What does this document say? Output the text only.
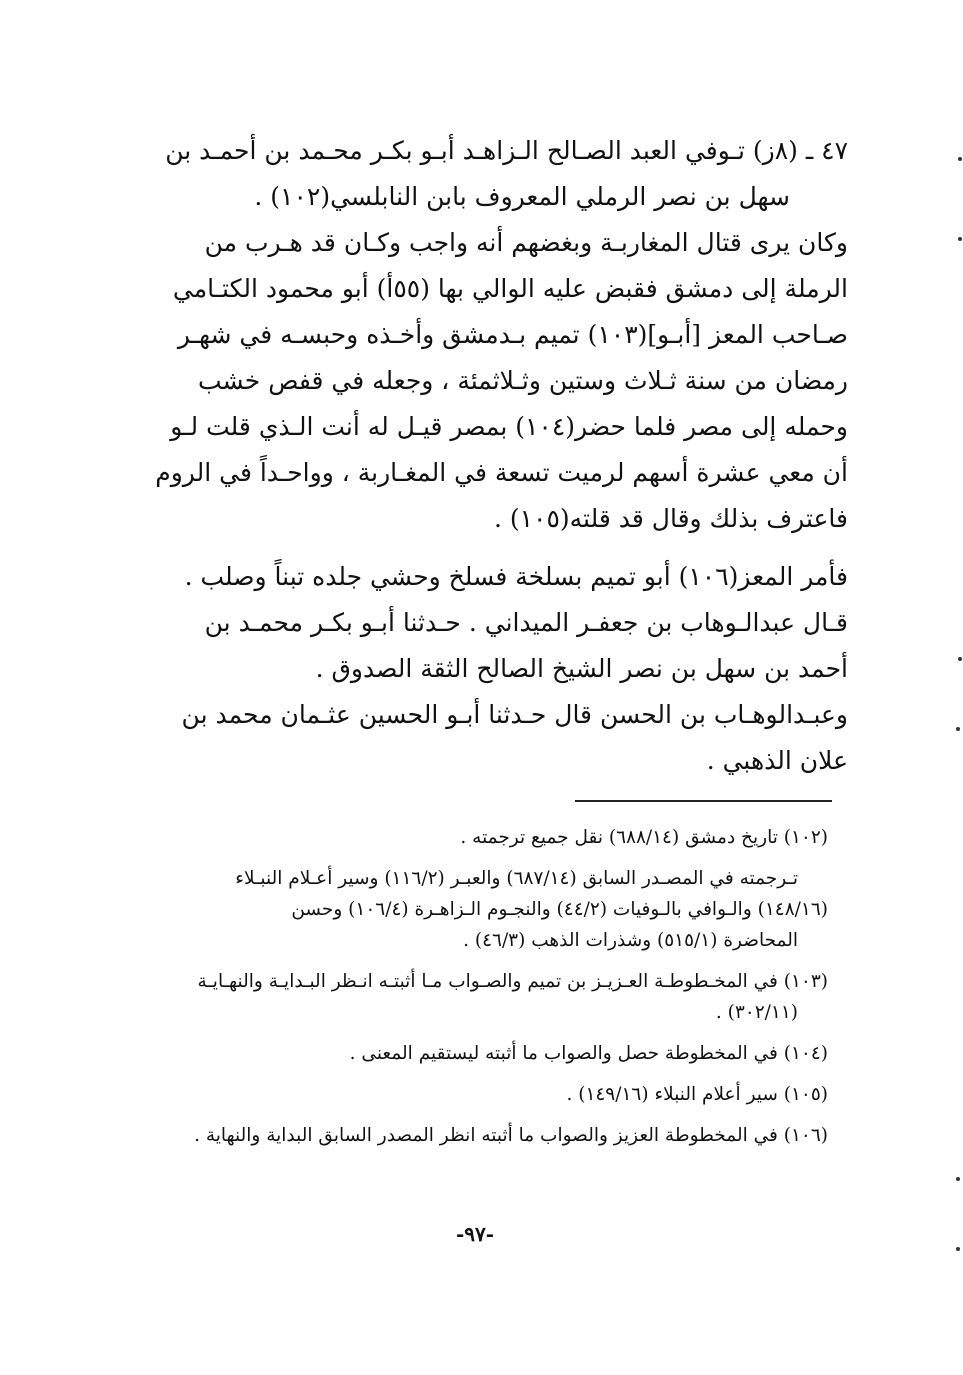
٤٧ ـ (٨ز) تـوفي العبد الصـالح الـزاهـد أبـو بكـر محـمد بن أحمـد بن

سهل بن نصر الرملي المعروف بابن النابلسي(١٠٢) .

وكان يرى قتال المغاربـة وبغضهم أنه واجب وكـان قد هـرب من

الرملة إلى دمشق فقبض عليه الوالي بها (٥٥أ) أبو محمود الكتـامي

صـاحب المعز [أبـو](١٠٣) تميم بـدمشق وأخـذه وحبسـه في شهـر

رمضان من سنة ثـلاث وستين وثـلاثمئة ، وجعله في قفص خشب

وحمله إلى مصر فلما حضر(١٠٤) بمصر قيـل له أنت الـذي قلت لـو

أن معي عشرة أسهم لرميت تسعة في المغـاربة ، وواحـداً في الروم

فاعترف بذلك وقال قد قلته(١٠٥) .

فأمر المعز(١٠٦) أبو تميم بسلخة فسلخ وحشي جلده تبناً وصلب .

قـال عبدالـوهاب بن جعفـر الميداني . حـدثنا أبـو بكـر محمـد بن

أحمد بن سهل بن نصر الشيخ الصالح الثقة الصدوق .

وعبـدالوهـاب بن الحسن قال حـدثنا أبـو الحسين عثـمان محمد بن

علان الذهبي .

(١٠٢) تاريخ دمشق (٦٨٨/١٤) نقل جميع ترجمته .

تـرجمته في المصـدر السابق (٦٨٧/١٤) والعبـر (١١٦/٢) وسير أعـلام النبـلاء
(١٤٨/١٦) والـوافي بالـوفيات (٤٤/٢) والنجـوم الـزاهـرة (١٠٦/٤) وحسن
المحاضرة (٥١٥/١) وشذرات الذهب (٤٦/٣) .

(١٠٣) في المخـطوطـة العـزيـز بن تميم والصـواب مـا أثبتـه انـظر البـدايـة والنهـايـة
(٣٠٢/١١) .

(١٠٤) في المخطوطة حصل والصواب ما أثبته ليستقيم المعنى .

(١٠٥) سير أعلام النبلاء (١٤٩/١٦) .

(١٠٦) في المخطوطة العزيز والصواب ما أثبته انظر المصدر السابق البداية والنهاية .

-٩٧-
